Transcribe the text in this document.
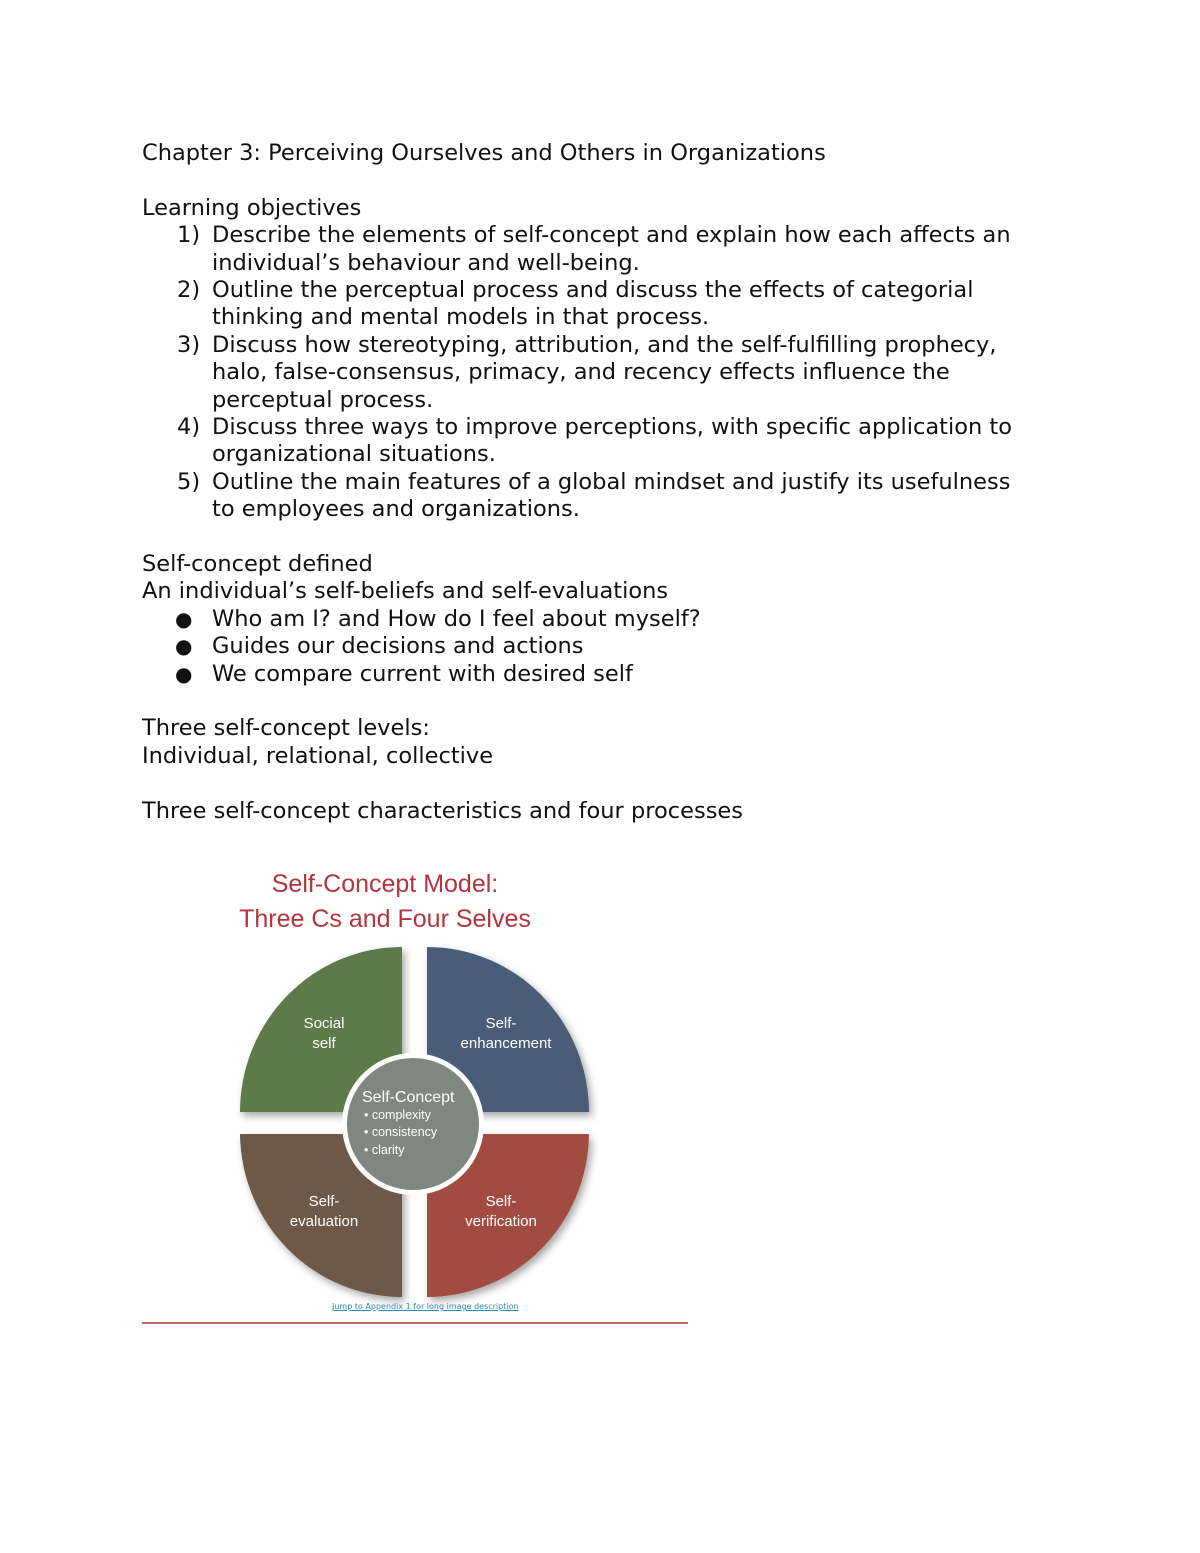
Chapter 3: Perceiving Ourselves and Others in Organizations
Learning objectives
1) Describe the elements of self-concept and explain how each affects an
individual’s behaviour and well-being.
2) Outline the perceptual process and discuss the effects of categorial
thinking and mental models in that process.
3) Discuss how stereotyping, attribution, and the self-fulfilling prophecy,
halo, false-consensus, primacy, and recency effects influence the
perceptual process.
4) Discuss three ways to improve perceptions, with specific application to
organizational situations.
5) Outline the main features of a global mindset and justify its usefulness
to employees and organizations.
Self-concept defined
An individual’s self-beliefs and self-evaluations
● Who am I? and How do I feel about myself?
● Guides our decisions and actions
● We compare current with desired self
Three self-concept levels:
Individual, relational, collective
Three self-concept characteristics and four processes
Self-Concept Model:
Three Cs and Four Selves
Social
self
Self-
enhancement
Self-
evaluation
Self-
verification
Self-Concept
• complexity
• consistency
• clarity
Jump to Appendix 1 for long image description
